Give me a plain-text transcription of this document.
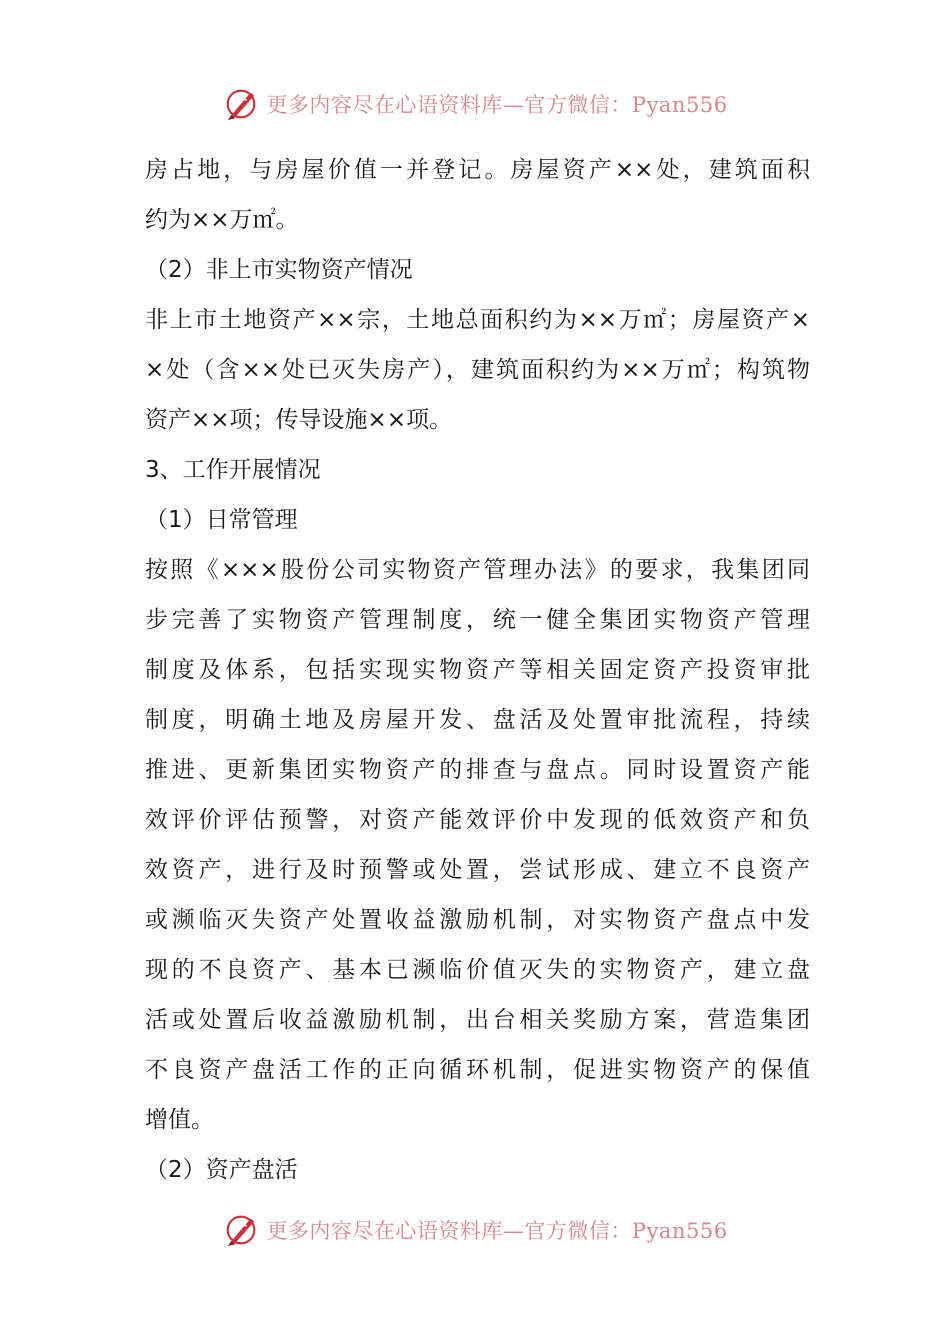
更多内容尽在心语资料库—官方微信：Pyan556
房占地，与房屋价值一并登记。房屋资产××处，建筑面积
约为××万㎡。
（2）非上市实物资产情况
非上市土地资产××宗，土地总面积约为××万㎡；房屋资产×
×处（含××处已灭失房产），建筑面积约为××万㎡；构筑物
资产××项；传导设施××项。
3、工作开展情况
（1）日常管理
按照《×××股份公司实物资产管理办法》的要求，我集团同
步完善了实物资产管理制度，统一健全集团实物资产管理
制度及体系，包括实现实物资产等相关固定资产投资审批
制度，明确土地及房屋开发、盘活及处置审批流程，持续
推进、更新集团实物资产的排查与盘点。同时设置资产能
效评价评估预警，对资产能效评价中发现的低效资产和负
效资产，进行及时预警或处置，尝试形成、建立不良资产
或濒临灭失资产处置收益激励机制，对实物资产盘点中发
现的不良资产、基本已濒临价值灭失的实物资产，建立盘
活或处置后收益激励机制，出台相关奖励方案，营造集团
不良资产盘活工作的正向循环机制，促进实物资产的保值
增值。
（2）资产盘活
更多内容尽在心语资料库—官方微信：Pyan556
